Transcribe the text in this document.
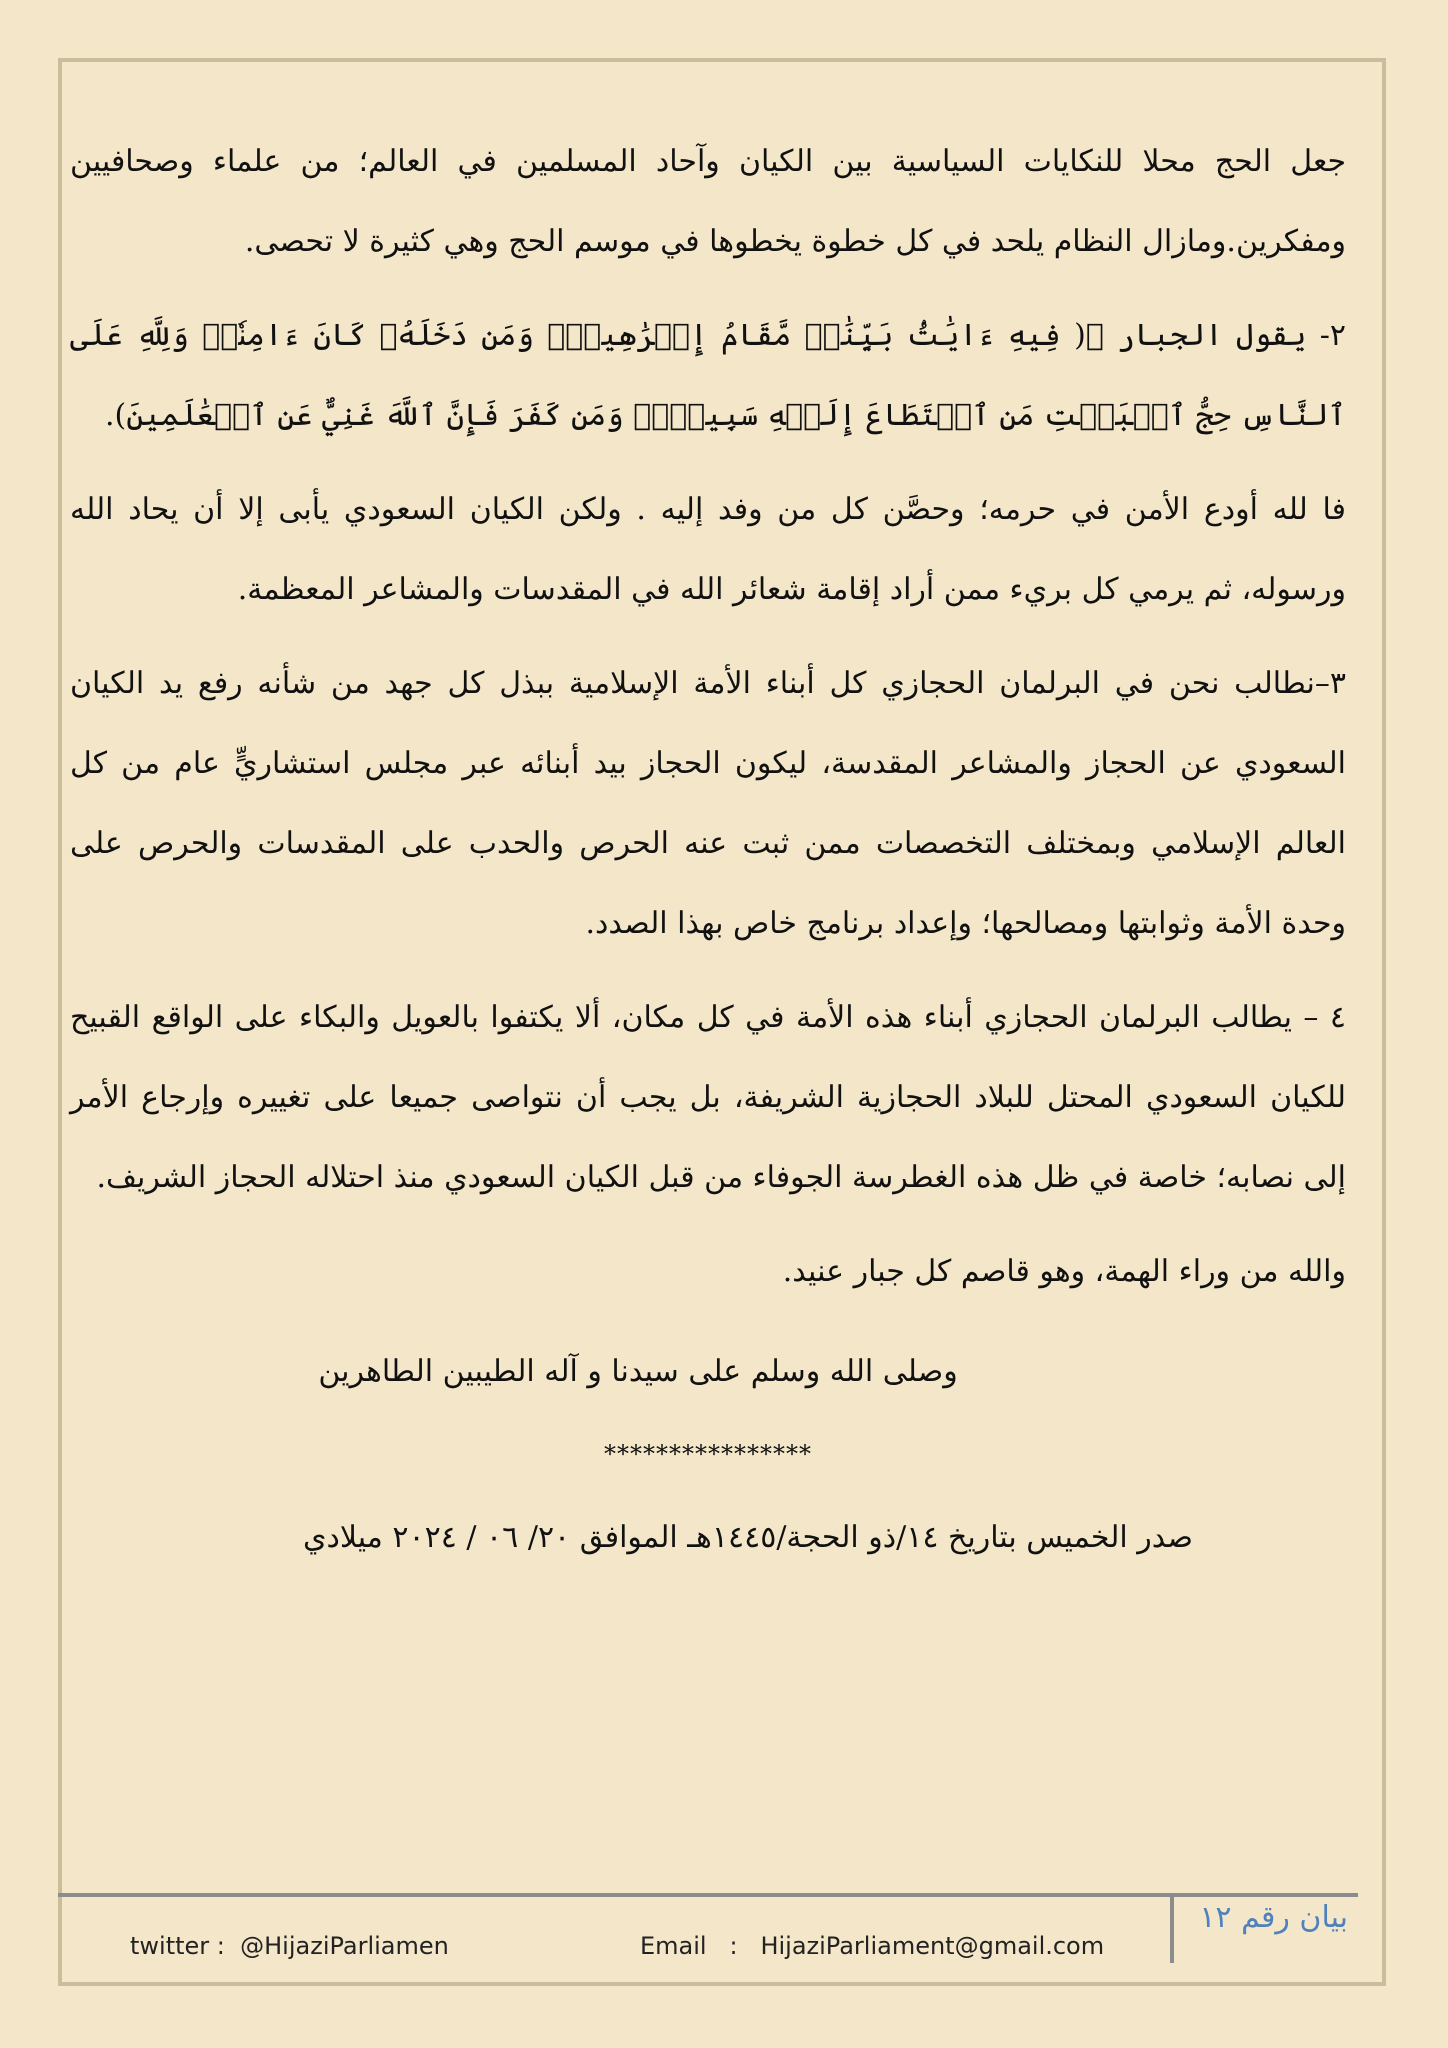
جعل الحج محلا للنكايات السياسية بين الكيان وآحاد المسلمين في العالم؛ من علماء وصحافيين ومفكرين.ومازال النظام يلحد في كل خطوة يخطوها في موسم الحج وهي كثيرة لا تحصى.

٢- يقول الجبار ﷻ( فِيهِ ءَايَٰتُۢ بَيِّنَٰتٞ مَّقَامُ إِبۡرَٰهِيمَۖ وَمَن دَخَلَهُۥ كَانَ ءَامِنٗاۗ وَلِلَّهِ عَلَى ٱلنَّاسِ حِجُّ ٱلۡبَيۡتِ مَنِ ٱسۡتَطَاعَ إِلَيۡهِ سَبِيلٗاۚ وَمَن كَفَرَ فَإِنَّ ٱللَّهَ غَنِيٌّ عَنِ ٱلۡعَٰلَمِينَ).

فا لله أودع الأمن في حرمه؛ وحصَّن كل من وفد إليه . ولكن الكيان السعودي يأبى إلا أن يحاد الله ورسوله، ثم يرمي كل بريء ممن أراد إقامة شعائر الله في المقدسات والمشاعر المعظمة.

٣–نطالب نحن في البرلمان الحجازي كل أبناء الأمة الإسلامية ببذل كل جهد من شأنه رفع يد الكيان السعودي عن الحجاز والمشاعر المقدسة، ليكون الحجاز بيد أبنائه عبر مجلس استشاريٍّ عام من كل العالم الإسلامي وبمختلف التخصصات ممن ثبت عنه الحرص والحدب على المقدسات والحرص على وحدة الأمة وثوابتها ومصالحها؛ وإعداد برنامج خاص بهذا الصدد.

٤ – يطالب البرلمان الحجازي أبناء هذه الأمة في كل مكان، ألا يكتفوا بالعويل والبكاء على الواقع القبيح للكيان السعودي المحتل للبلاد الحجازية الشريفة، بل يجب أن نتواصى جميعا على تغييره وإرجاع الأمر إلى نصابه؛ خاصة في ظل هذه الغطرسة الجوفاء من قبل الكيان السعودي منذ احتلاله الحجاز الشريف.

والله من وراء الهمة، وهو قاصم كل جبار عنيد.

وصلى الله وسلم على سيدنا و آله الطيبين الطاهرين
****************
صدر الخميس بتاريخ ١٤/ذو الحجة/١٤٤٥هـ الموافق ٢٠/ ٠٦ / ٢٠٢٤ ميلادي
بيان رقم ١٢
twitter :  @HijaziParliamen	Email   :   HijaziParliament@gmail.com
